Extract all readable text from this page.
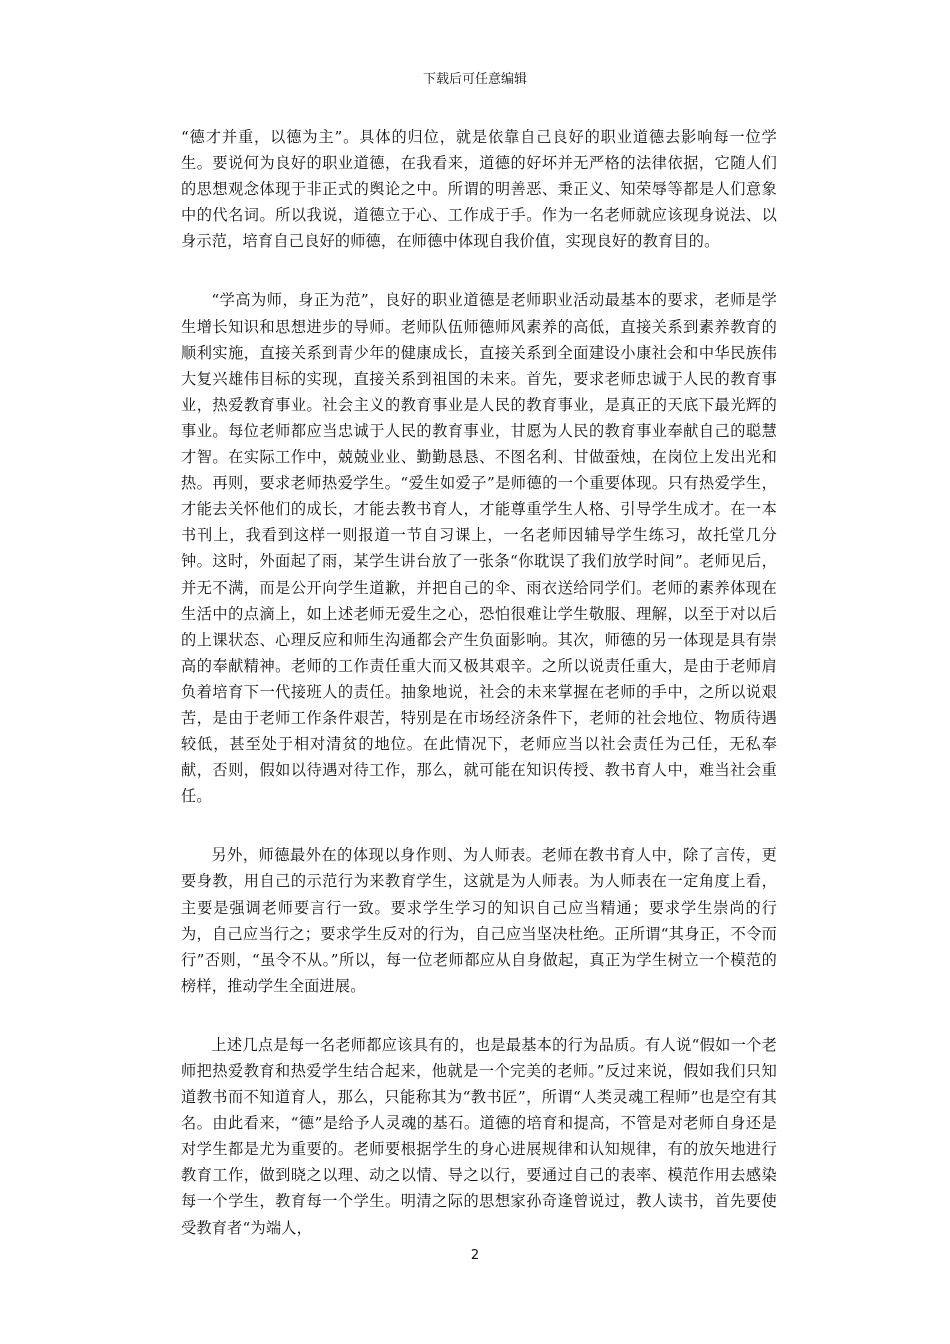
下载后可任意编辑

“德才并重，以德为主”。具体的归位，就是依靠自己良好的职业道德去影响每一位学生。要说何为良好的职业道德，在我看来，道德的好坏并无严格的法律依据，它随人们的思想观念体现于非正式的舆论之中。所谓的明善恶、秉正义、知荣辱等都是人们意象中的代名词。所以我说，道德立于心、工作成于手。作为一名老师就应该现身说法、以身示范，培育自己良好的师德，在师德中体现自我价值，实现良好的教育目的。

“学高为师，身正为范”，良好的职业道德是老师职业活动最基本的要求，老师是学生增长知识和思想进步的导师。老师队伍师德师风素养的高低，直接关系到素养教育的顺利实施，直接关系到青少年的健康成长，直接关系到全面建设小康社会和中华民族伟大复兴雄伟目标的实现，直接关系到祖国的未来。首先，要求老师忠诚于人民的教育事业，热爱教育事业。社会主义的教育事业是人民的教育事业，是真正的天底下最光辉的事业。每位老师都应当忠诚于人民的教育事业，甘愿为人民的教育事业奉献自己的聪慧才智。在实际工作中，兢兢业业、勤勤恳恳、不图名利、甘做蚕烛，在岗位上发出光和热。再则，要求老师热爱学生。“爱生如爱子”是师德的一个重要体现。只有热爱学生，才能去关怀他们的成长，才能去教书育人，才能尊重学生人格、引导学生成才。在一本书刊上，我看到这样一则报道一节自习课上，一名老师因辅导学生练习，故托堂几分钟。这时，外面起了雨，某学生讲台放了一张条“你耽误了我们放学时间”。老师见后，并无不满，而是公开向学生道歉，并把自己的伞、雨衣送给同学们。老师的素养体现在生活中的点滴上，如上述老师无爱生之心，恐怕很难让学生敬服、理解，以至于对以后的上课状态、心理反应和师生沟通都会产生负面影响。其次，师德的另一体现是具有崇高的奉献精神。老师的工作责任重大而又极其艰辛。之所以说责任重大，是由于老师肩负着培育下一代接班人的责任。抽象地说，社会的未来掌握在老师的手中，之所以说艰苦，是由于老师工作条件艰苦，特别是在市场经济条件下，老师的社会地位、物质待遇较低，甚至处于相对清贫的地位。在此情况下，老师应当以社会责任为己任，无私奉献，否则，假如以待遇对待工作，那么，就可能在知识传授、教书育人中，难当社会重任。

另外，师德最外在的体现以身作则、为人师表。老师在教书育人中，除了言传，更要身教，用自己的示范行为来教育学生，这就是为人师表。为人师表在一定角度上看，主要是强调老师要言行一致。要求学生学习的知识自己应当精通；要求学生崇尚的行为，自己应当行之；要求学生反对的行为，自己应当坚决杜绝。正所谓“其身正，不令而行”否则，“虽令不从。”所以，每一位老师都应从自身做起，真正为学生树立一个模范的榜样，推动学生全面进展。

上述几点是每一名老师都应该具有的，也是最基本的行为品质。有人说“假如一个老师把热爱教育和热爱学生结合起来，他就是一个完美的老师。”反过来说，假如我们只知道教书而不知道育人，那么，只能称其为“教书匠”，所谓“人类灵魂工程师”也是空有其名。由此看来，“德”是给予人灵魂的基石。道德的培育和提高，不管是对老师自身还是对学生都是尤为重要的。老师要根据学生的身心进展规律和认知规律，有的放矢地进行教育工作，做到晓之以理、动之以情、导之以行，要通过自己的表率、模范作用去感染每一个学生，教育每一个学生。明清之际的思想家孙奇逢曾说过，教人读书，首先要使受教育者“为端人，

2
